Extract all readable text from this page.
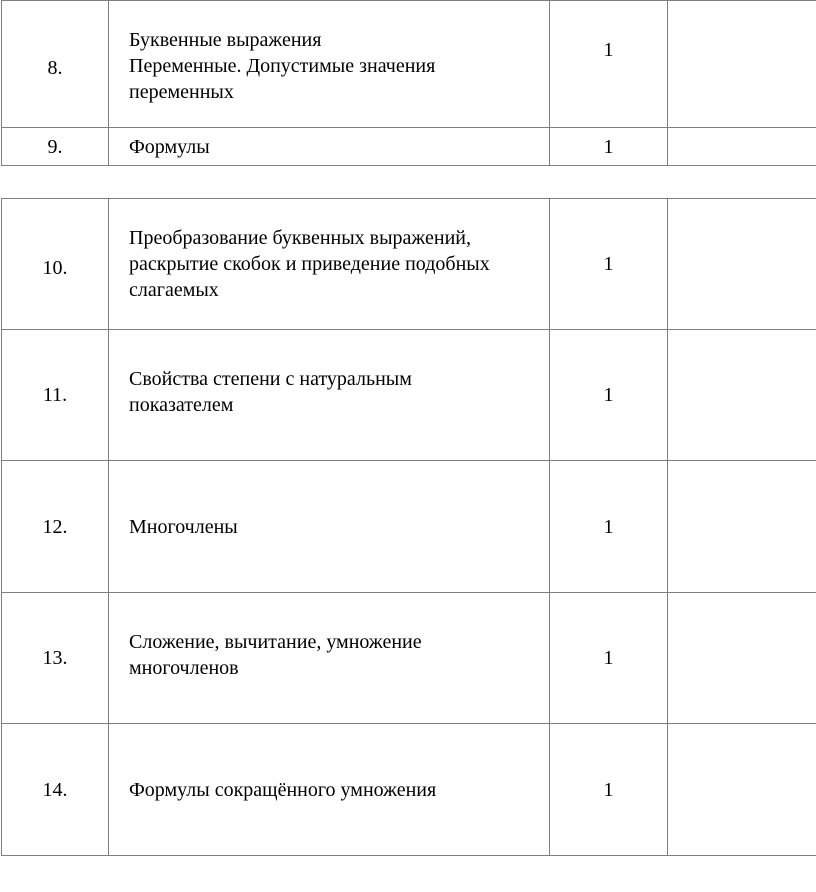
8.	Буквенные выражения
Переменные. Допустимые значения
переменных	1	
9.	Формулы	1	
10.	Преобразование буквенных выражений,
раскрытие скобок и приведение подобных
слагаемых	1	
11.	Свойства степени с натуральным
показателем	1	
12.	Многочлены	1	
13.	Сложение, вычитание, умножение
многочленов	1	
14.	Формулы сокращённого умножения	1	
